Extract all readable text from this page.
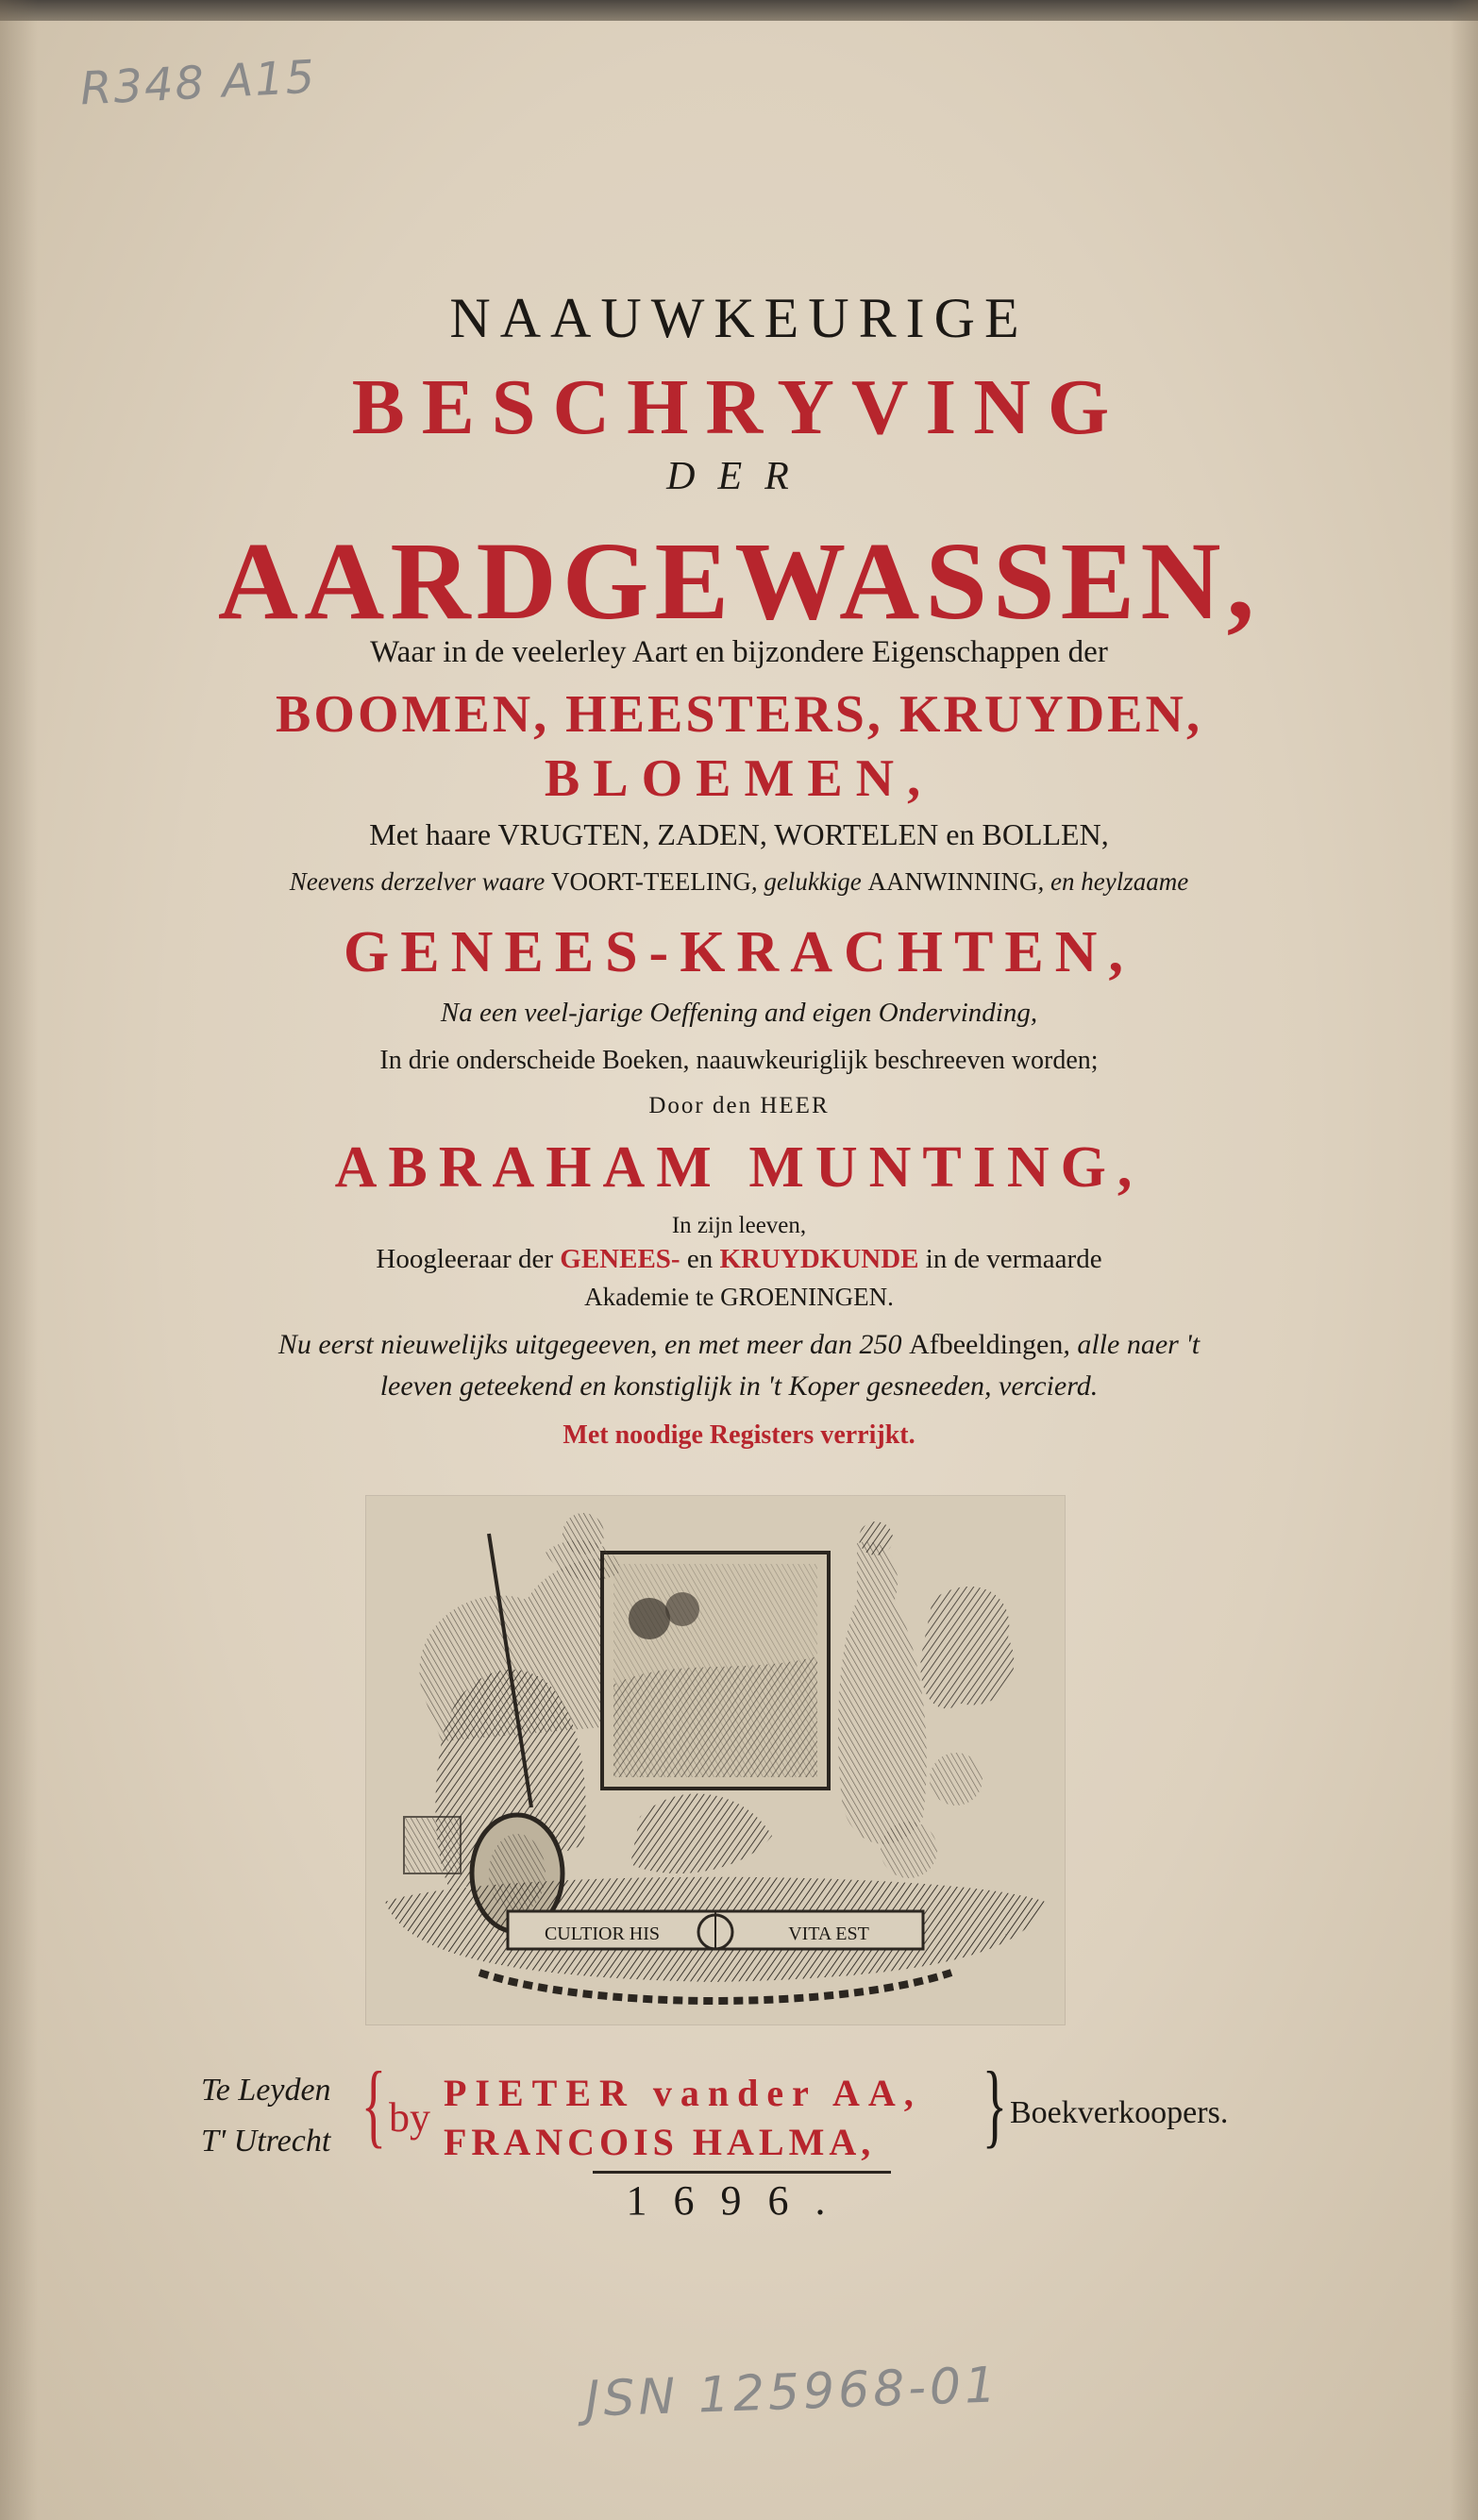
R348 A15
NAAUWKEURIGE
BESCHRYVING
DER
AARDGEWASSEN,
Waar in de veelerley Aart en bijzondere Eigenschappen der
BOOMEN, HEESTERS, KRUYDEN,
BLOEMEN,
Met haare VRUGTEN, ZADEN, WORTELEN en BOLLEN,
Neevens derzelver waare VOORT-TEELING, gelukkige AANWINNING, en heylzaame
GENEES-KRACHTEN,
Na een veel-jarige Oeffening and eigen Ondervinding,
In drie onderscheide Boeken, naauwkeuriglijk beschreeven worden;
Door den HEER
ABRAHAM MUNTING,
In zijn leeven,
Hoogleeraar der GENEES- en KRUYDKUNDE in de vermaarde
Akademie te GROENINGEN.
Nu eerst nieuwelijks uitgegeeven, en met meer dan 250 Afbeeldingen, alle naer 't
leeven geteekend en konstiglijk in 't Koper gesneeden, vercierd.
Met noodige Registers verrijkt.
CULTIOR HIS	VITA EST
Te Leyden
T' Utrecht { by
PIETER vander AA,
FRANCOIS HALMA, } Boekverkoopers.
1696.
JSN 125968-01
